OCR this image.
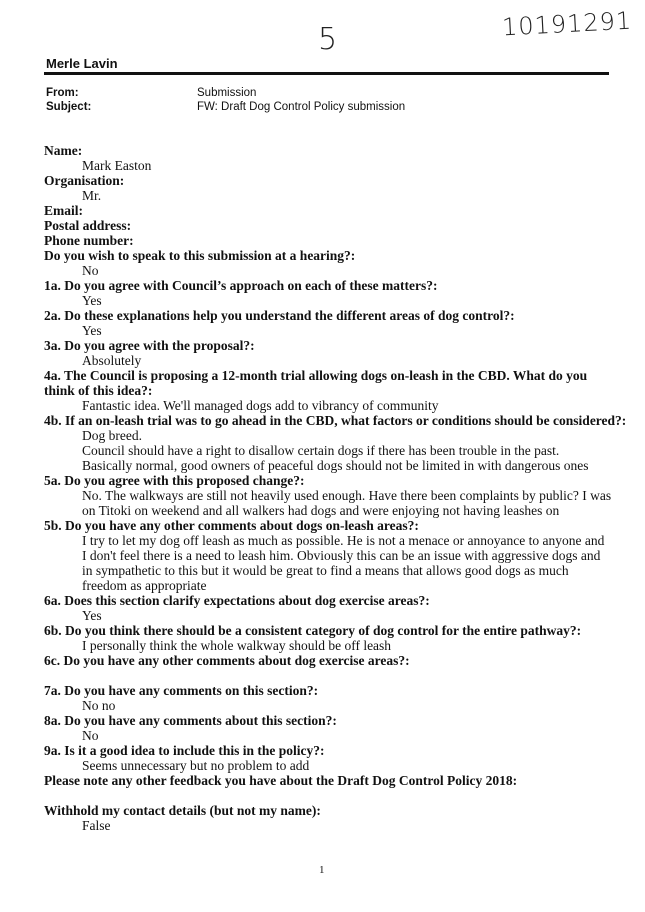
5	10191291
Merle Lavin
From:	Submission
Subject:	FW: Draft Dog Control Policy submission
Name:
Mark Easton
Organisation:
Mr.
Email:
Postal address:
Phone number:
Do you wish to speak to this submission at a hearing?:
No
1a. Do you agree with Council’s approach on each of these matters?:
Yes
2a. Do these explanations help you understand the different areas of dog control?:
Yes
3a. Do you agree with the proposal?:
Absolutely
4a. The Council is proposing a 12-month trial allowing dogs on-leash in the CBD. What do you think of this idea?:
Fantastic idea. We'll managed dogs add to vibrancy of community
4b. If an on-leash trial was to go ahead in the CBD, what factors or conditions should be considered?:
Dog breed.
Council should have a right to disallow certain dogs if there has been trouble in the past.
Basically normal, good owners of peaceful dogs should not be limited in with dangerous ones
5a. Do you agree with this proposed change?:
No. The walkways are still not heavily used enough. Have there been complaints by public? I was on Titoki on weekend and all walkers had dogs and were enjoying not having leashes on
5b. Do you have any other comments about dogs on-leash areas?:
I try to let my dog off leash as much as possible. He is not a menace or annoyance to anyone and I don't feel there is a need to leash him. Obviously this can be an issue with aggressive dogs and in sympathetic to this but it would be great to find a means that allows good dogs as much freedom as appropriate
6a. Does this section clarify expectations about dog exercise areas?:
Yes
6b. Do you think there should be a consistent category of dog control for the entire pathway?:
I personally think the whole walkway should be off leash
6c. Do you have any other comments about dog exercise areas?:
7a. Do you have any comments on this section?:
No no
8a. Do you have any comments about this section?:
No
9a. Is it a good idea to include this in the policy?:
Seems unnecessary but no problem to add
Please note any other feedback you have about the Draft Dog Control Policy 2018:
Withhold my contact details (but not my name):
False
1
